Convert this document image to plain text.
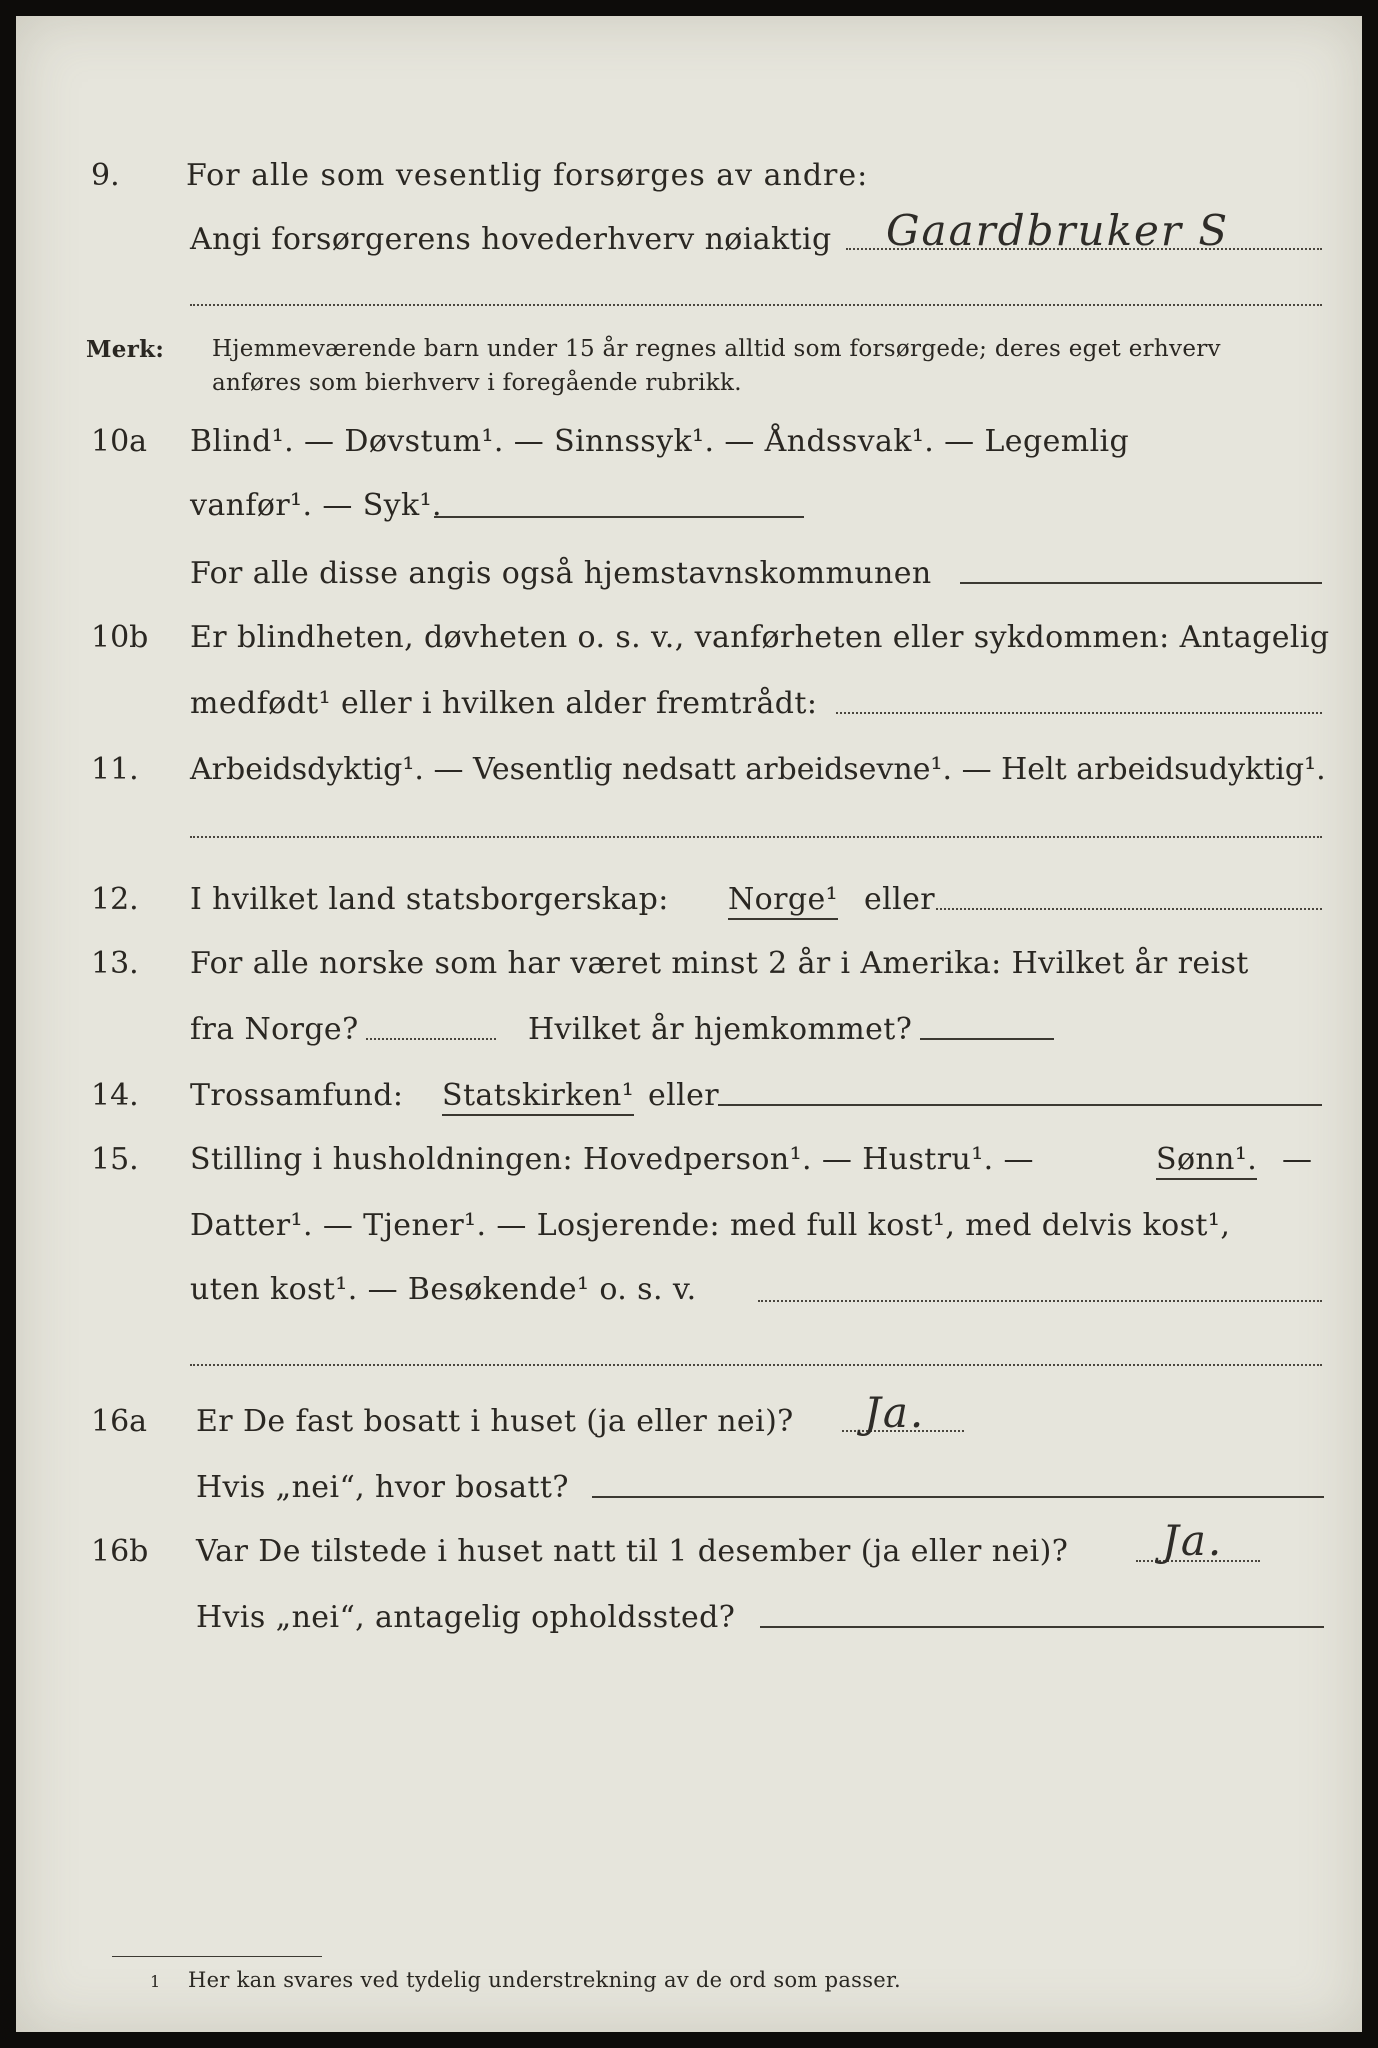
9. For alle som vesentlig forsørges av andre:
Angi forsørgerens hovederhverv nøiaktig Gaardbruker S
Merk: Hjemmeværende barn under 15 år regnes alltid som forsørgede; deres eget erhverv
anføres som bierhverv i foregående rubrikk.
10a Blind¹. — Døvstum¹. — Sinnssyk¹. — Åndssvak¹. — Legemlig
vanfør¹. — Syk¹.
For alle disse angis også hjemstavnskommunen
10b Er blindheten, døvheten o. s. v., vanførheten eller sykdommen: Antagelig
medfødt¹ eller i hvilken alder fremtrådt:
11. Arbeidsdyktig¹. — Vesentlig nedsatt arbeidsevne¹. — Helt arbeidsudyktig¹.
12. I hvilket land statsborgerskap: Norge¹ eller
13. For alle norske som har været minst 2 år i Amerika: Hvilket år reist
fra Norge?	Hvilket år hjemkommet?
14. Trossamfund: Statskirken¹ eller
15. Stilling i husholdningen: Hovedperson¹. — Hustru¹. —	Sønn¹. —
Datter¹. — Tjener¹. — Losjerende: med full kost¹, med delvis kost¹,
uten kost¹. — Besøkende¹ o. s. v.
16a Er De fast bosatt i huset (ja eller nei)? Ja.
Hvis „nei“, hvor bosatt?
16b Var De tilstede i huset natt til 1 desember (ja eller nei)? Ja.
Hvis „nei“, antagelig opholdssted?
1 Her kan svares ved tydelig understrekning av de ord som passer.
